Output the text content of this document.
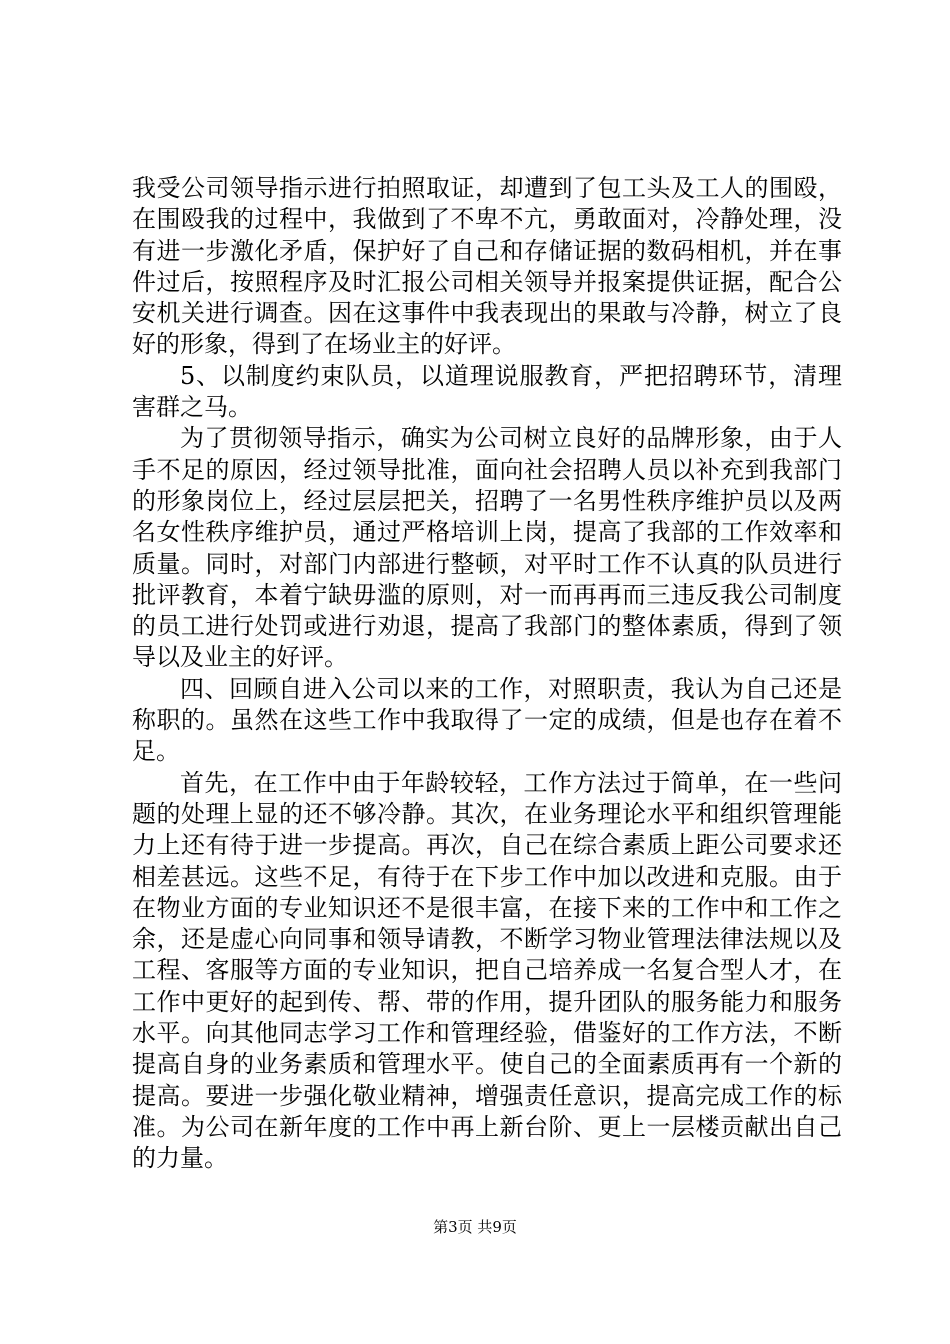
我受公司领导指示进行拍照取证，却遭到了包工头及工人的围殴，在围殴我的过程中，我做到了不卑不亢，勇敢面对，冷静处理，没有进一步激化矛盾，保护好了自己和存储证据的数码相机，并在事件过后，按照程序及时汇报公司相关领导并报案提供证据，配合公安机关进行调查。因在这事件中我表现出的果敢与冷静，树立了良好的形象，得到了在场业主的好评。

5、以制度约束队员，以道理说服教育，严把招聘环节，清理害群之马。

为了贯彻领导指示，确实为公司树立良好的品牌形象，由于人手不足的原因，经过领导批准，面向社会招聘人员以补充到我部门的形象岗位上，经过层层把关，招聘了一名男性秩序维护员以及两名女性秩序维护员，通过严格培训上岗，提高了我部的工作效率和质量。同时，对部门内部进行整顿，对平时工作不认真的队员进行批评教育，本着宁缺毋滥的原则，对一而再再而三违反我公司制度的员工进行处罚或进行劝退，提高了我部门的整体素质，得到了领导以及业主的好评。

四、回顾自进入公司以来的工作，对照职责，我认为自己还是称职的。虽然在这些工作中我取得了一定的成绩，但是也存在着不足。

首先，在工作中由于年龄较轻，工作方法过于简单，在一些问题的处理上显的还不够冷静。其次，在业务理论水平和组织管理能力上还有待于进一步提高。再次，自己在综合素质上距公司要求还相差甚远。这些不足，有待于在下步工作中加以改进和克服。由于在物业方面的专业知识还不是很丰富，在接下来的工作中和工作之余，还是虚心向同事和领导请教，不断学习物业管理法律法规以及工程、客服等方面的专业知识，把自己培养成一名复合型人才，在工作中更好的起到传、帮、带的作用，提升团队的服务能力和服务水平。向其他同志学习工作和管理经验，借鉴好的工作方法，不断提高自身的业务素质和管理水平。使自己的全面素质再有一个新的提高。要进一步强化敬业精神，增强责任意识，提高完成工作的标准。为公司在新年度的工作中再上新台阶、更上一层楼贡献出自己的力量。

第3页 共9页
